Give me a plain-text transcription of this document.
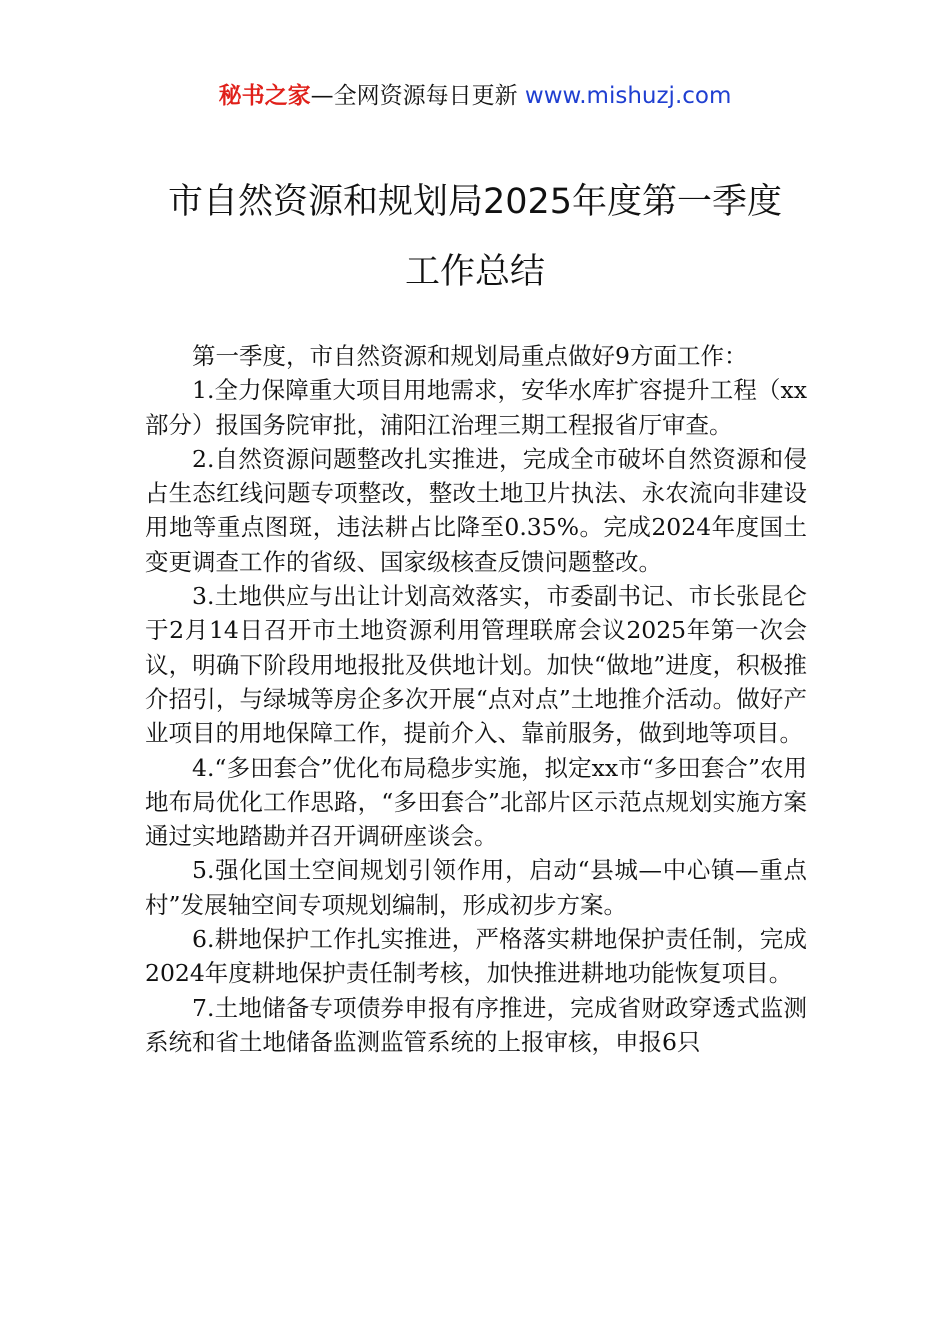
秘书之家—全网资源每日更新 www.mishuzj.com
市自然资源和规划局2025年度第一季度
工作总结

第一季度，市自然资源和规划局重点做好9方面工作：

1.全力保障重大项目用地需求，安华水库扩容提升工程（xx部分）报国务院审批，浦阳江治理三期工程报省厅审查。

2.自然资源问题整改扎实推进，完成全市破坏自然资源和侵占生态红线问题专项整改，整改土地卫片执法、永农流向非建设用地等重点图斑，违法耕占比降至0.35%。完成2024年度国土变更调查工作的省级、国家级核查反馈问题整改。

3.土地供应与出让计划高效落实，市委副书记、市长张昆仑于2月14日召开市土地资源利用管理联席会议2025年第一次会议，明确下阶段用地报批及供地计划。加快“做地”进度，积极推介招引，与绿城等房企多次开展“点对点”土地推介活动。做好产业项目的用地保障工作，提前介入、靠前服务，做到地等项目。

4.“多田套合”优化布局稳步实施，拟定xx市“多田套合”农用地布局优化工作思路，“多田套合”北部片区示范点规划实施方案通过实地踏勘并召开调研座谈会。

5.强化国土空间规划引领作用，启动“县城—中心镇—重点村”发展轴空间专项规划编制，形成初步方案。

6.耕地保护工作扎实推进，严格落实耕地保护责任制，完成2024年度耕地保护责任制考核，加快推进耕地功能恢复项目。

7.土地储备专项债券申报有序推进，完成省财政穿透式监测系统和省土地储备监测监管系统的上报审核，申报6只
